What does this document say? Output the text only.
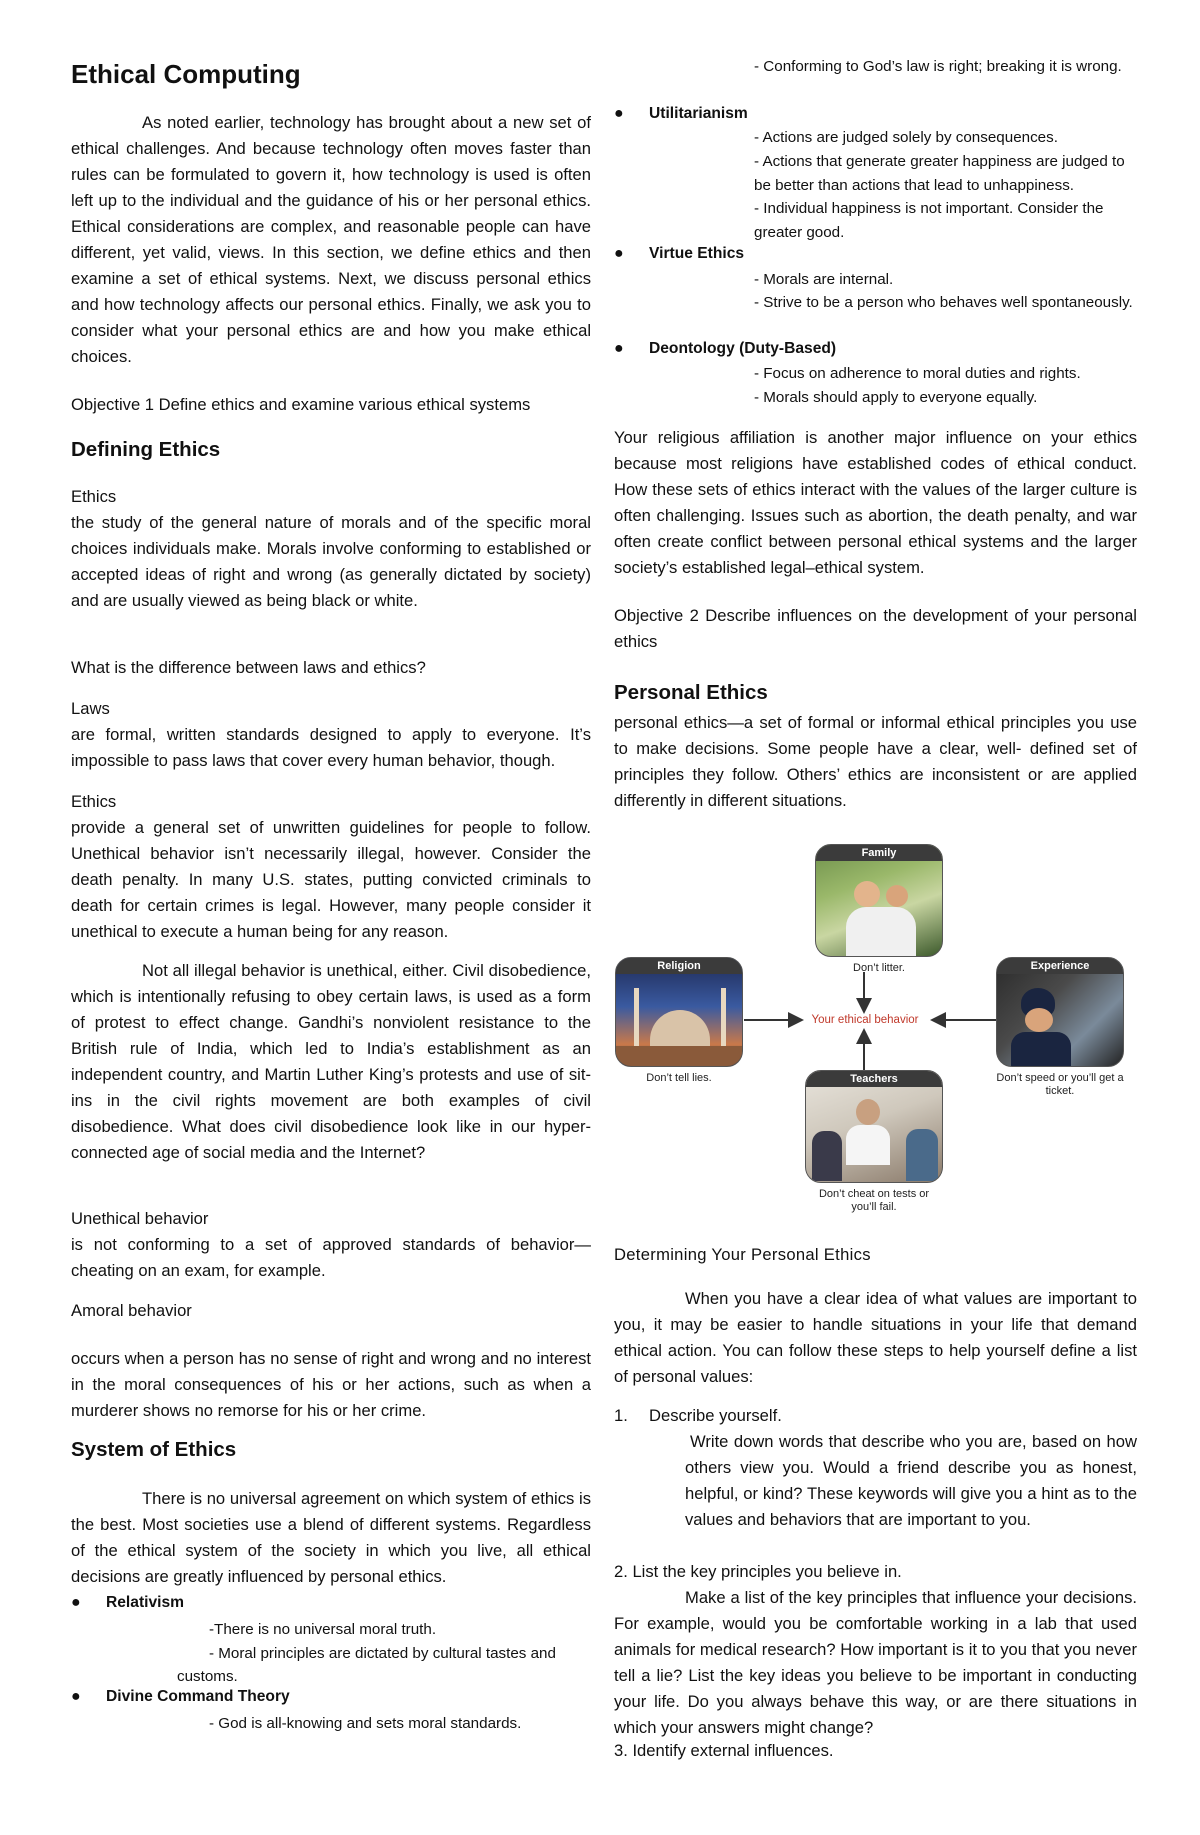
Ethical Computing

As noted earlier, technology has brought about a new set of ethical challenges. And because technology often moves faster than rules can be formulated to govern it, how technology is used is often left up to the individual and the guidance of his or her personal ethics. Ethical considerations are complex, and reasonable people can have different, yet valid, views. In this section, we define ethics and then examine a set of ethical systems. Next, we discuss personal ethics and how technology affects our personal ethics. Finally, we ask you to consider what your personal ethics are and how you make ethical choices.

Objective 1 Define ethics and examine various ethical systems

Defining Ethics

Ethics

the study of the general nature of morals and of the specific moral choices individuals make. Morals involve conforming to established or accepted ideas of right and wrong (as generally dictated by society) and are usually viewed as being black or white.

What is the difference between laws and ethics?

Laws

are formal, written standards designed to apply to everyone. It’s impossible to pass laws that cover every human behavior, though.

Ethics

provide a general set of unwritten guidelines for people to follow. Unethical behavior isn’t necessarily illegal, however. Consider the death penalty. In many U.S. states, putting convicted criminals to death for certain crimes is legal. However, many people consider it unethical to execute a human being for any reason.

Not all illegal behavior is unethical, either. Civil disobedience, which is intentionally refusing to obey certain laws, is used as a form of protest to effect change. Gandhi’s nonviolent resistance to the British rule of India, which led to India’s establishment as an independent country, and Martin Luther King’s protests and use of sit-ins in the civil rights movement are both examples of civil disobedience. What does civil disobedience look like in our hyper-connected age of social media and the Internet?

Unethical behavior

is not conforming to a set of approved standards of behavior—cheating on an exam, for example.

Amoral behavior

occurs when a person has no sense of right and wrong and no interest in the moral consequences of his or her actions, such as when a murderer shows no remorse for his or her crime.

System of Ethics

There is no universal agreement on which system of ethics is the best. Most societies use a blend of different systems. Regardless of the ethical system of the society in which you live, all ethical decisions are greatly influenced by personal ethics.

● Relativism

-There is no universal moral truth.

- Moral principles are dictated by cultural tastes and

customs.

● Divine Command Theory

- God is all-knowing and sets moral standards.

- Conforming to God’s law is right; breaking it is wrong.

● Utilitarianism

- Actions are judged solely by consequences.

- Actions that generate greater happiness are judged to be better than actions that lead to unhappiness.

- Individual happiness is not important. Consider the greater good.

● Virtue Ethics

- Morals are internal.

- Strive to be a person who behaves well spontaneously.

● Deontology (Duty-Based)

- Focus on adherence to moral duties and rights.

- Morals should apply to everyone equally.

Your religious affiliation is another major influence on your ethics because most religions have established codes of ethical conduct. How these sets of ethics interact with the values of the larger culture is often challenging. Issues such as abortion, the death penalty, and war often create conflict between personal ethical systems and the larger society’s established legal–ethical system.

Objective 2 Describe influences on the development of your personal ethics

Personal Ethics

personal ethics—a set of formal or informal ethical principles you use to make decisions. Some people have a clear, well- defined set of principles they follow. Others’ ethics are inconsistent or are applied differently in different situations.

Family
Don’t litter.
Religion
Don’t tell lies.
Your ethical behavior
Experience
Don’t speed or you’ll get a ticket.
Teachers
Don’t cheat on tests or you’ll fail.

Determining Your Personal Ethics

When you have a clear idea of what values are important to you, it may be easier to handle situations in your life that demand ethical action. You can follow these steps to help yourself define a list of personal values:

1. Describe yourself.

Write down words that describe who you are, based on how others view you. Would a friend describe you as honest, helpful, or kind? These keywords will give you a hint as to the values and behaviors that are important to you.

2. List the key principles you believe in.

Make a list of the key principles that influence your decisions. For example, would you be comfortable working in a lab that used animals for medical research? How important is it to you that you never tell a lie? List the key ideas you believe to be important in conducting your life. Do you always behave this way, or are there situations in which your answers might change?

3. Identify external influences.
